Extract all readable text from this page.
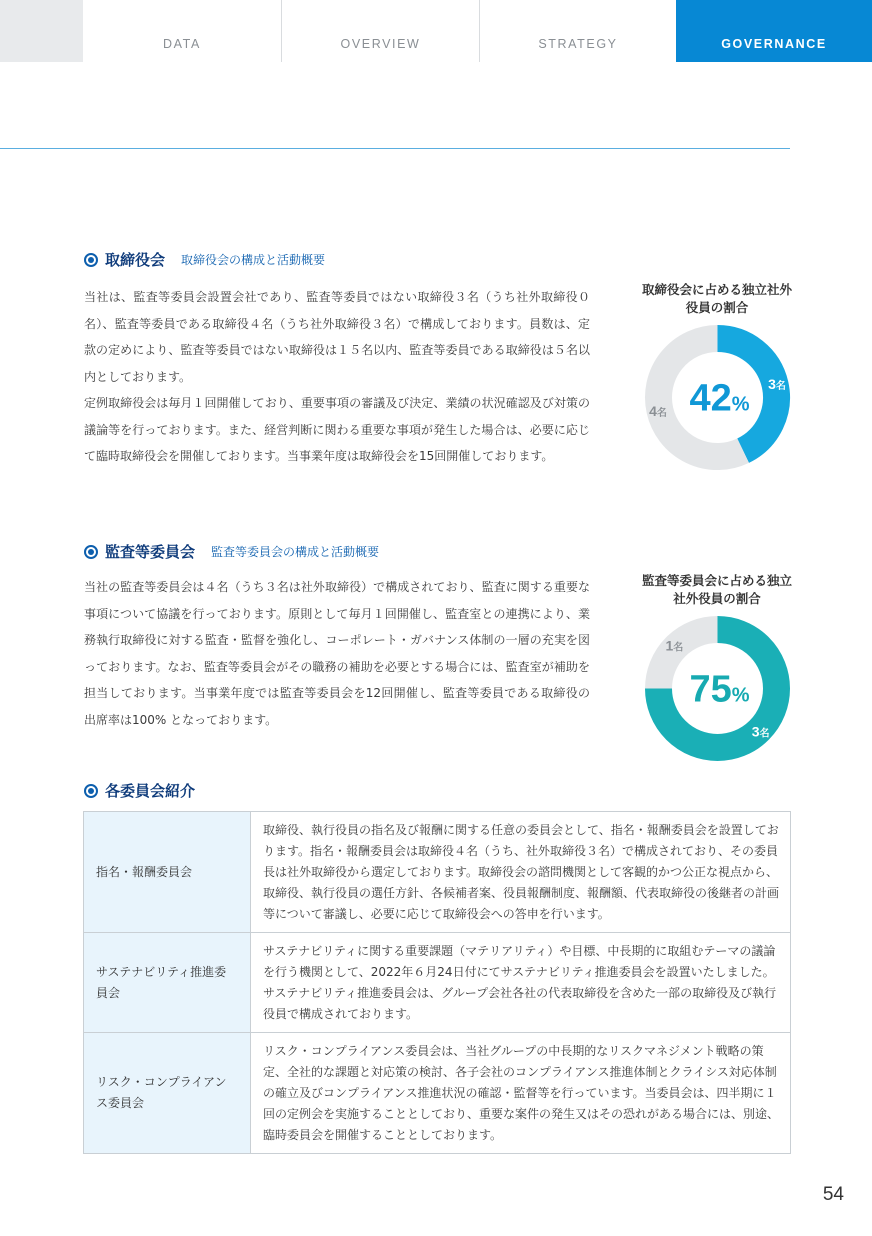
DATA	OVERVIEW	STRATEGY	GOVERNANCE
取締役会 取締役会の構成と活動概要

当社は、監査等委員会設置会社であり、監査等委員ではない取締役３名（うち社外取締役０名）、監査等委員である取締役４名（うち社外取締役３名）で構成しております。員数は、定款の定めにより、監査等委員ではない取締役は１５名以内、監査等委員である取締役は５名以内としております。

定例取締役会は毎月１回開催しており、重要事項の審議及び決定、業績の状況確認及び対策の議論等を行っております。また、経営判断に関わる重要な事項が発生した場合は、必要に応じて臨時取締役会を開催しております。当事業年度は取締役会を15回開催しております。

取締役会に占める独立社外役員の割合
3名
4名 42%
監査等委員会 監査等委員会の構成と活動概要

当社の監査等委員会は４名（うち３名は社外取締役）で構成されており、監査に関する重要な事項について協議を行っております。原則として毎月１回開催し、監査室との連携により、業務執行取締役に対する監査・監督を強化し、コーポレート・ガバナンス体制の一層の充実を図っております。なお、監査等委員会がその職務の補助を必要とする場合には、監査室が補助を担当しております。当事業年度では監査等委員会を12回開催し、監査等委員である取締役の出席率は100% となっております。

監査等委員会に占める独立社外役員の割合
3名
1名
75%
各委員会紹介
指名・報酬委員会	取締役、執行役員の指名及び報酬に関する任意の委員会として、指名・報酬委員会を設置しております。指名・報酬委員会は取締役４名（うち、社外取締役３名）で構成されており、その委員長は社外取締役から選定しております。取締役会の諮問機関として客観的かつ公正な視点から、取締役、執行役員の選任方針、各候補者案、役員報酬制度、報酬額、代表取締役の後継者の計画等について審議し、必要に応じて取締役会への答申を行います。
サステナビリティ推進委員会	サステナビリティに関する重要課題（マテリアリティ）や目標、中長期的に取組むテーマの議論を行う機関として、2022年６月24日付にてサステナビリティ推進委員会を設置いたしました。サステナビリティ推進委員会は、グループ会社各社の代表取締役を含めた一部の取締役及び執行役員で構成されております。
リスク・コンプライアンス委員会	リスク・コンプライアンス委員会は、当社グループの中長期的なリスクマネジメント戦略の策定、全社的な課題と対応策の検討、各子会社のコンプライアンス推進体制とクライシス対応体制の確立及びコンプライアンス推進状況の確認・監督等を行っています。当委員会は、四半期に１回の定例会を実施することとしており、重要な案件の発生又はその恐れがある場合には、別途、臨時委員会を開催することとしております。
54
